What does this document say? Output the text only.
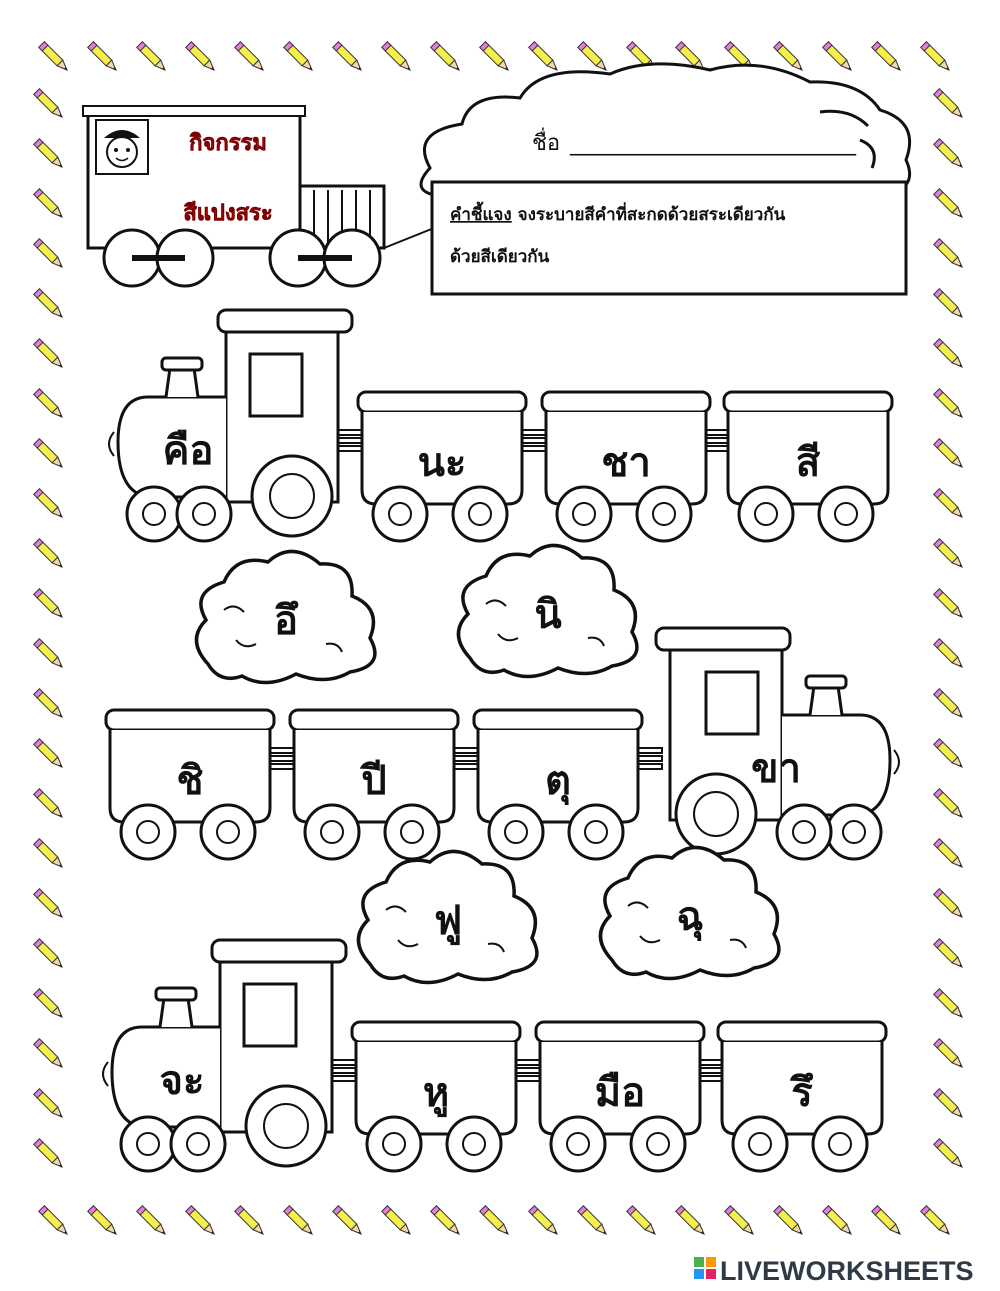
กิจกรรม
สีแปงสระ
ชื่อ __________________________
คำชี้แจง จงระบายสีคำที่สะกดด้วยสระเดียวกัน
ด้วยสีเดียวกัน
คือ	นะ	ชา	สี
ขา
ชิ	ปี	ตุ
จะ	หู	มือ	รึ
อึ	นิ
ฟู	ฉุ
LIVEWORKSHEETS
